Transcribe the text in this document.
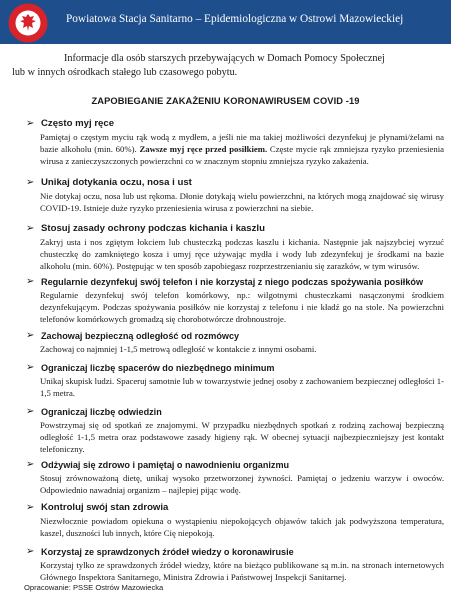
Powiatowa Stacja Sanitarno – Epidemiologiczna w Ostrowi Mazowieckiej
Informacje dla osób starszych przebywających w Domach Pomocy Społecznej
lub w innych ośrodkach stałego lub czasowego pobytu.
ZAPOBIEGANIE ZAKAŻENIU KORONAWIRUSEM COVID -19
➢ Często myj ręce
Pamiętaj o częstym myciu rąk wodą z mydłem, a jeśli nie ma takiej możliwości dezynfekuj je płynami/żelami na bazie alkoholu (min. 60%). Zawsze myj ręce przed posiłkiem. Częste mycie rąk zmniejsza ryzyko przeniesienia wirusa z zanieczyszczonych powierzchni co w znacznym stopniu zmniejsza ryzyko zakażenia.
➢ Unikaj dotykania oczu, nosa i ust
Nie dotykaj oczu, nosa lub ust rękoma. Dłonie dotykają wielu powierzchni, na których mogą znajdować się wirusy COVID-19. Istnieje duże ryzyko przeniesienia wirusa z powierzchni na siebie.
➢ Stosuj zasady ochrony podczas kichania i kaszlu
Zakryj usta i nos zgiętym łokciem lub chusteczką podczas kaszlu i kichania. Następnie jak najszybciej wyrzuć chusteczkę do zamkniętego kosza i umyj ręce używając mydła i wody lub zdezynfekuj je środkami na bazie alkoholu (min. 60%). Postępując w ten sposób zapobiegasz rozprzestrzenianiu się zarazków, w tym wirusów.
➢ Regularnie dezynfekuj swój telefon i nie korzystaj z niego podczas spożywania posiłków
Regularnie dezynfekuj swój telefon komórkowy, np.: wilgotnymi chusteczkami nasączonymi środkiem dezynfekującym. Podczas spożywania posiłków nie korzystaj z telefonu i nie kładź go na stole. Na powierzchni telefonów komórkowych gromadzą się chorobotwórcze drobnoustroje.
➢ Zachowaj bezpieczną odległość od rozmówcy
Zachowaj co najmniej 1-1,5 metrową odległość w kontakcie z innymi osobami.
➢ Ograniczaj liczbę spacerów do niezbędnego minimum
Unikaj skupisk ludzi. Spaceruj samotnie lub w towarzystwie jednej osoby z zachowaniem bezpiecznej odległości 1-1,5 metra.
➢ Ograniczaj liczbę odwiedzin
Powstrzymaj się od spotkań ze znajomymi. W przypadku niezbędnych spotkań z rodziną zachowaj bezpieczną odległość 1-1,5 metra oraz podstawowe zasady higieny rąk. W obecnej sytuacji najbezpieczniejszy jest kontakt telefoniczny.
➢ Odżywiaj się zdrowo i pamiętaj o nawodnieniu organizmu
Stosuj zrównoważoną dietę, unikaj wysoko przetworzonej żywności. Pamiętaj o jedzeniu warzyw i owoców. Odpowiednio nawadniaj organizm – najlepiej pijąc wodę.
➢ Kontroluj swój stan zdrowia
Niezwłocznie powiadom opiekuna o wystąpieniu niepokojących objawów takich jak podwyższona temperatura, kaszel, duszności lub innych, które Cię niepokoją.
➢ Korzystaj ze sprawdzonych źródeł wiedzy o koronawirusie
Korzystaj tylko ze sprawdzonych źródeł wiedzy, które na bieżąco publikowane są m.in. na stronach internetowych Głównego Inspektora Sanitarnego, Ministra Zdrowia i Państwowej Inspekcji Sanitarnej.
Opracowanie: PSSE Ostrów Mazowiecka
